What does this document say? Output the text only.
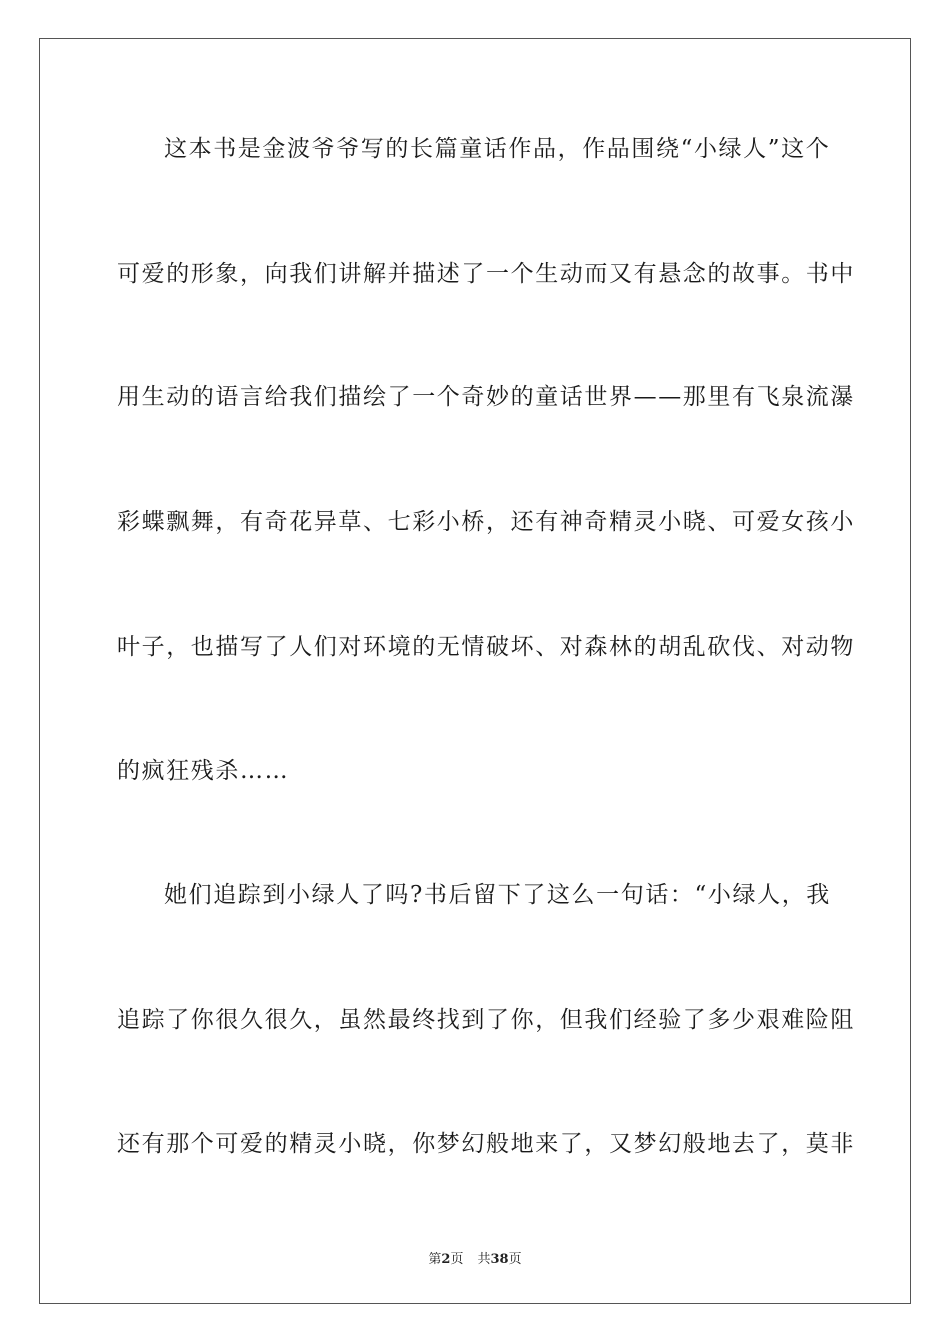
这本书是金波爷爷写的长篇童话作品，作品围绕“小绿人”这个
可爱的形象，向我们讲解并描述了一个生动而又有悬念的故事。书中
用生动的语言给我们描绘了一个奇妙的童话世界——那里有飞泉流瀑
彩蝶飘舞，有奇花异草、七彩小桥，还有神奇精灵小晓、可爱女孩小
叶子，也描写了人们对环境的无情破坏、对森林的胡乱砍伐、对动物
的疯狂残杀……
她们追踪到小绿人了吗?书后留下了这么一句话：“小绿人，我
追踪了你很久很久，虽然最终找到了你，但我们经验了多少艰难险阻
还有那个可爱的精灵小晓，你梦幻般地来了，又梦幻般地去了，莫非
第2页 共38页
